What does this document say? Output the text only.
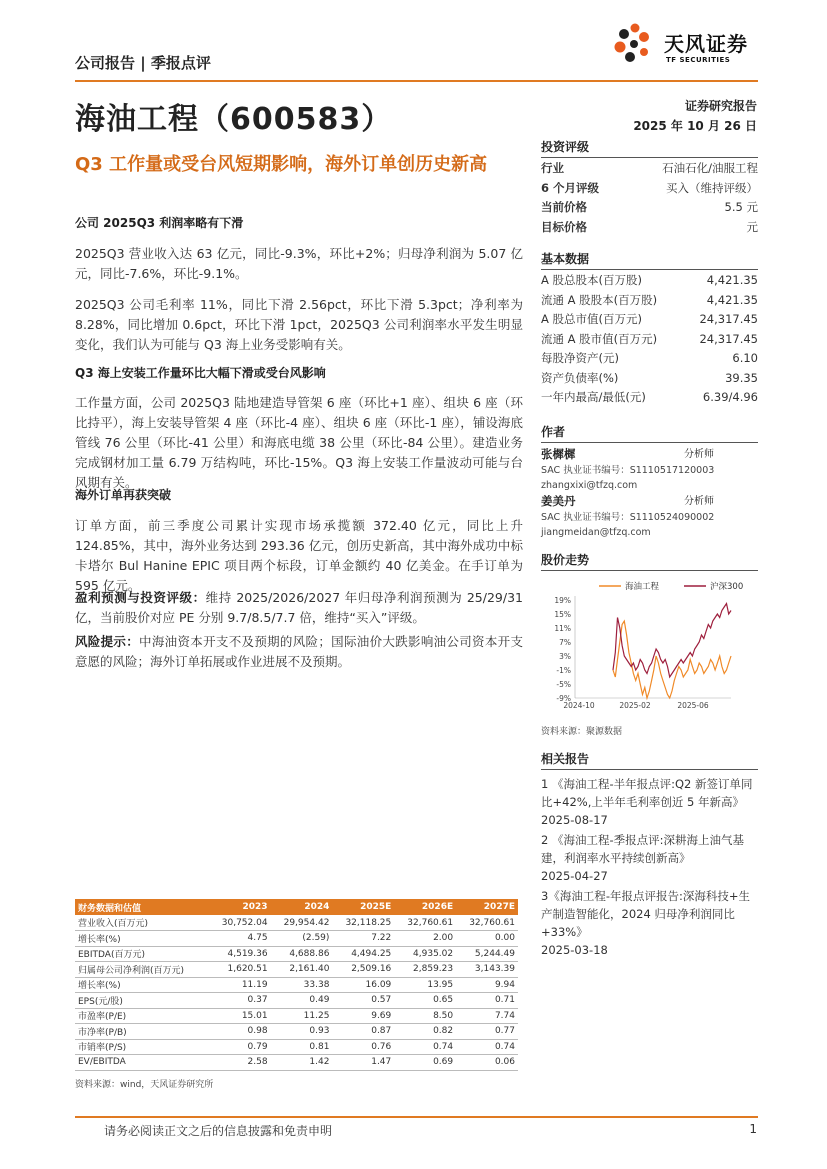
公司报告 | 季报点评
天风证券
TF SECURITIES
海油工程（600583）	证券研究报告
2025 年 10 月 26 日
Q3 工作量或受台风短期影响，海外订单创历史新高
公司 2025Q3 利润率略有下滑

2025Q3 营业收入达 63 亿元，同比-9.3%，环比+2%；归母净利润为 5.07 亿元，同比-7.6%，环比-9.1%。

2025Q3 公司毛利率 11%，同比下滑 2.56pct，环比下滑 5.3pct；净利率为 8.28%，同比增加 0.6pct，环比下滑 1pct，2025Q3 公司利润率水平发生明显变化，我们认为可能与 Q3 海上业务受影响有关。

Q3 海上安装工作量环比大幅下滑或受台风影响

工作量方面，公司 2025Q3 陆地建造导管架 6 座（环比+1 座）、组块 6 座（环比持平），海上安装导管架 4 座（环比-4 座）、组块 6 座（环比-1 座），铺设海底管线 76 公里（环比-41 公里）和海底电缆 38 公里（环比-84 公里）。建造业务完成钢材加工量 6.79 万结构吨，环比-15%。Q3 海上安装工作量波动可能与台风期有关。

海外订单再获突破

订单方面，前三季度公司累计实现市场承揽额 372.40 亿元，同比上升 124.85%，其中，海外业务达到 293.36 亿元，创历史新高，其中海外成功中标卡塔尔 Bul Hanine EPIC 项目两个标段，订单金额约 40 亿美金。在手订单为 595 亿元。

盈利预测与投资评级：维持 2025/2026/2027 年归母净利润预测为 25/29/31 亿，当前股价对应 PE 分别 9.7/8.5/7.7 倍，维持“买入”评级。

风险提示：中海油资本开支不及预期的风险；国际油价大跌影响油公司资本开支意愿的风险；海外订单拓展或作业进展不及预期。

财务数据和估值	2023	2024	2025E	2026E	2027E
营业收入(百万元)	30,752.04	29,954.42	32,118.25	32,760.61	32,760.61
增长率(%)	4.75	(2.59)	7.22	2.00	0.00
EBITDA(百万元)	4,519.36	4,688.86	4,494.25	4,935.02	5,244.49
归属母公司净利润(百万元)	1,620.51	2,161.40	2,509.16	2,859.23	3,143.39
增长率(%)	11.19	33.38	16.09	13.95	9.94
EPS(元/股)	0.37	0.49	0.57	0.65	0.71
市盈率(P/E)	15.01	11.25	9.69	8.50	7.74
市净率(P/B)	0.98	0.93	0.87	0.82	0.77
市销率(P/S)	0.79	0.81	0.76	0.74	0.74
EV/EBITDA	2.58	1.42	1.47	0.69	0.06
资料来源：wind，天风证券研究所
投资评级
行业	石油石化/油服工程
6 个月评级	买入（维持评级）
当前价格	5.5 元
目标价格	元
基本数据
A 股总股本(百万股)	4,421.35
流通 A 股股本(百万股)	4,421.35
A 股总市值(百万元)	24,317.45
流通 A 股市值(百万元)	24,317.45
每股净资产(元)	6.10
资产负债率(%)	39.35
一年内最高/最低(元)	6.39/4.96
作者
张樨樨	分析师
SAC 执业证书编号：S1110517120003
zhangxixi@tfzq.com
姜美丹	分析师
SAC 执业证书编号：S1110524090002
jiangmeidan@tfzq.com
股价走势
海油工程	沪深300
19%
15%
11%
7%
3%
-1%
-5%
-9%
2024-10	2025-02	2025-06
资料来源：聚源数据
相关报告
1 《海油工程-半年报点评:Q2 新签订单同比+42%,上半年毛利率创近 5 年新高》
2025-08-17
2 《海油工程-季报点评:深耕海上油气基建，利润率水平持续创新高》
2025-04-27
3《海油工程-年报点评报告:深海科技+生产制造智能化，2024 归母净利润同比+33%》
2025-03-18
请务必阅读正文之后的信息披露和免责申明	1
